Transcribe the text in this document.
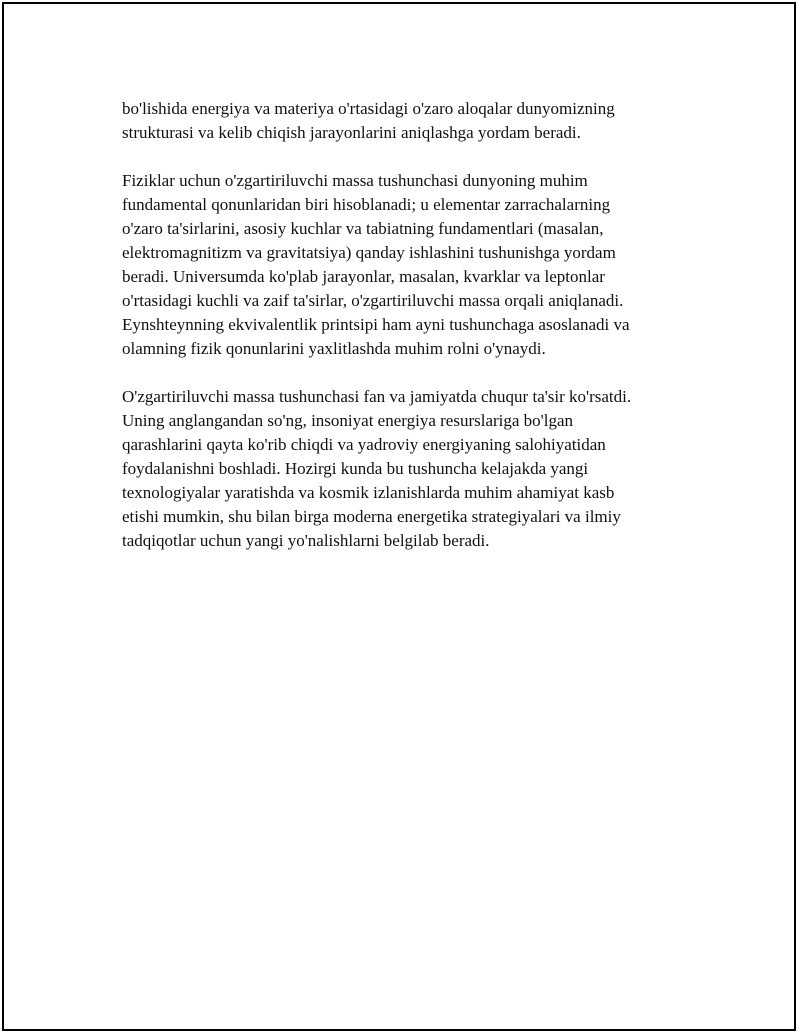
bo'lishida energiya va materiya o'rtasidagi o'zaro aloqalar dunyomizning
strukturasi va kelib chiqish jarayonlarini aniqlashga yordam beradi.
Fiziklar uchun o'zgartiriluvchi massa tushunchasi dunyoning muhim
fundamental qonunlaridan biri hisoblanadi; u elementar zarrachalarning
o'zaro ta'sirlarini, asosiy kuchlar va tabiatning fundamentlari (masalan,
elektromagnitizm va gravitatsiya) qanday ishlashini tushunishga yordam
beradi. Universumda ko'plab jarayonlar, masalan, kvarklar va leptonlar
o'rtasidagi kuchli va zaif ta'sirlar, o'zgartiriluvchi massa orqali aniqlanadi.
Eynshteynning ekvivalentlik printsipi ham ayni tushunchaga asoslanadi va
olamning fizik qonunlarini yaxlitlashda muhim rolni o'ynaydi.
O'zgartiriluvchi massa tushunchasi fan va jamiyatda chuqur ta'sir ko'rsatdi.
Uning anglangandan so'ng, insoniyat energiya resurslariga bo'lgan
qarashlarini qayta ko'rib chiqdi va yadroviy energiyaning salohiyatidan
foydalanishni boshladi. Hozirgi kunda bu tushuncha kelajakda yangi
texnologiyalar yaratishda va kosmik izlanishlarda muhim ahamiyat kasb
etishi mumkin, shu bilan birga moderna energetika strategiyalari va ilmiy
tadqiqotlar uchun yangi yo'nalishlarni belgilab beradi.
